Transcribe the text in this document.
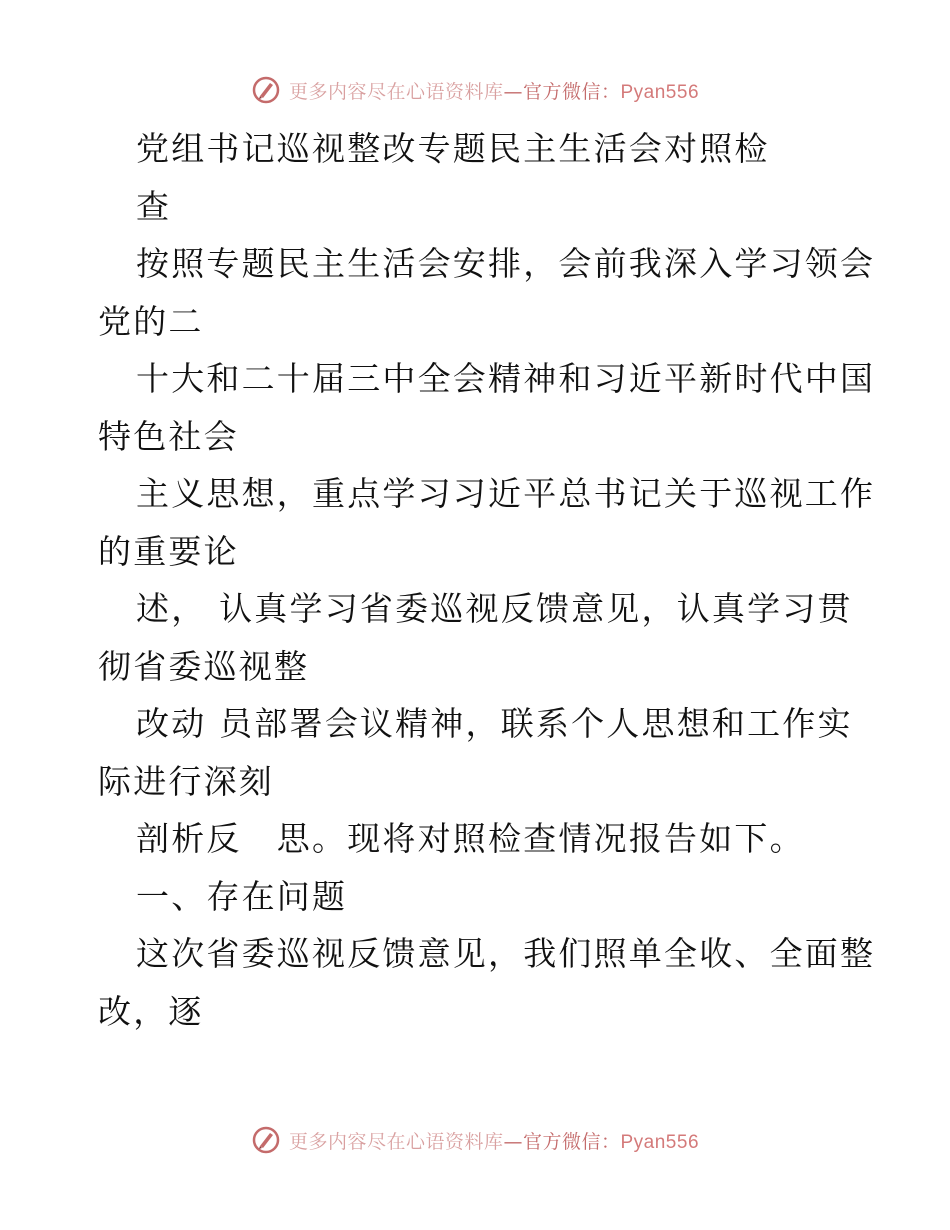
更多内容尽在心语资料库—官方微信：Pyan556
党组书记巡视整改专题民主生活会对照检
查
按照专题民主生活会安排，会前我深入学习领会
党的二
十大和二十届三中全会精神和习近平新时代中国
特色社会
主义思想，重点学习习近平总书记关于巡视工作
的重要论
述， 认真学习省委巡视反馈意见，认真学习贯
彻省委巡视整
改动 员部署会议精神，联系个人思想和工作实
际进行深刻
剖析反　思。现将对照检查情况报告如下。
一、存在问题
这次省委巡视反馈意见，我们照单全收、全面整
改，逐
更多内容尽在心语资料库—官方微信：Pyan556
